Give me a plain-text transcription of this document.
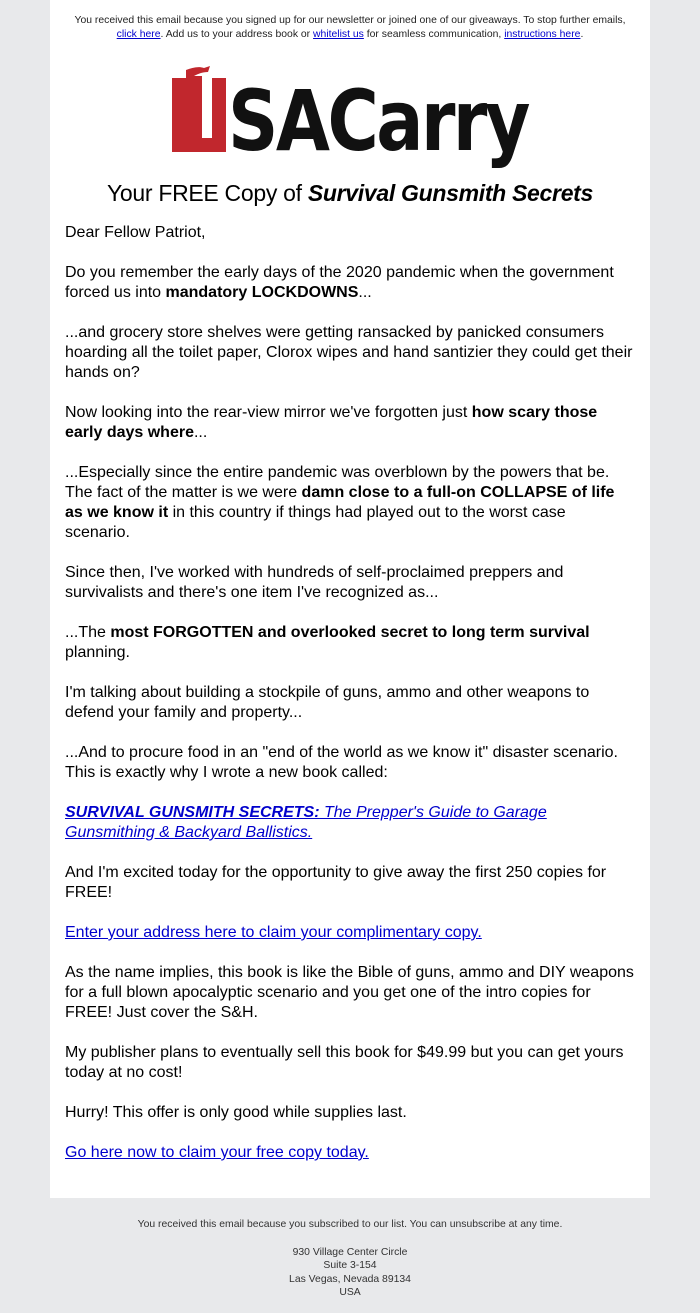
You received this email because you signed up for our newsletter or joined one of our giveaways. To stop further emails, click here. Add us to your address book or whitelist us for seamless communication, instructions here.
SACarry
Your FREE Copy of Survival Gunsmith Secrets

Dear Fellow Patriot,

Do you remember the early days of the 2020 pandemic when the government forced us into mandatory LOCKDOWNS...

...and grocery store shelves were getting ransacked by panicked consumers hoarding all the toilet paper, Clorox wipes and hand santizier they could get their hands on?

Now looking into the rear-view mirror we've forgotten just how scary those early days where...

...Especially since the entire pandemic was overblown by the powers that be. The fact of the matter is we were damn close to a full-on COLLAPSE of life as we know it in this country if things had played out to the worst case scenario.

Since then, I've worked with hundreds of self-proclaimed preppers and survivalists and there's one item I've recognized as...

...The most FORGOTTEN and overlooked secret to long term survival planning.

I'm talking about building a stockpile of guns, ammo and other weapons to defend your family and property...

...And to procure food in an "end of the world as we know it" disaster scenario. This is exactly why I wrote a new book called:

SURVIVAL GUNSMITH SECRETS: The Prepper's Guide to Garage Gunsmithing & Backyard Ballistics.

And I'm excited today for the opportunity to give away the first 250 copies for FREE!

Enter your address here to claim your complimentary copy.

As the name implies, this book is like the Bible of guns, ammo and DIY weapons for a full blown apocalyptic scenario and you get one of the intro copies for FREE! Just cover the S&H.

My publisher plans to eventually sell this book for $49.99 but you can get yours today at no cost!

Hurry! This offer is only good while supplies last.

Go here now to claim your free copy today.

You received this email because you subscribed to our list. You can unsubscribe at any time.
930 Village Center Circle
Suite 3-154
Las Vegas, Nevada 89134
USA
